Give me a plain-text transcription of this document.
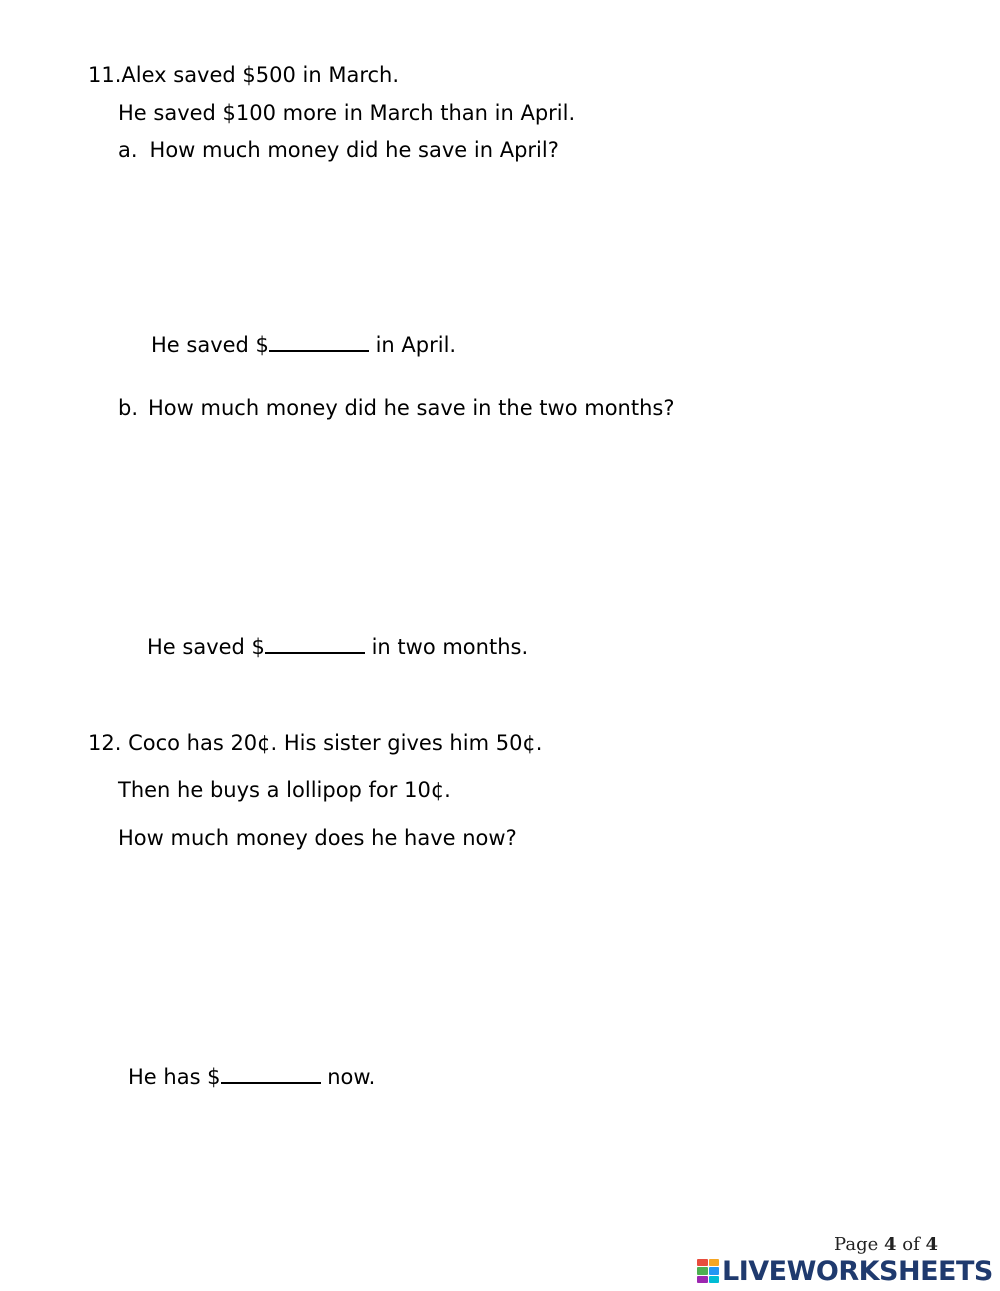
11.Alex saved $500 in March.
He saved $100 more in March than in April.
a. How much money did he save in April?
He saved $	in April.
b. How much money did he save in the two months?
He saved $	in two months.
12. Coco has 20¢. His sister gives him 50¢.
Then he buys a lollipop for 10¢.
How much money does he have now?
He has $	now.
Page 4 of 4
LIVEWORKSHEETS
